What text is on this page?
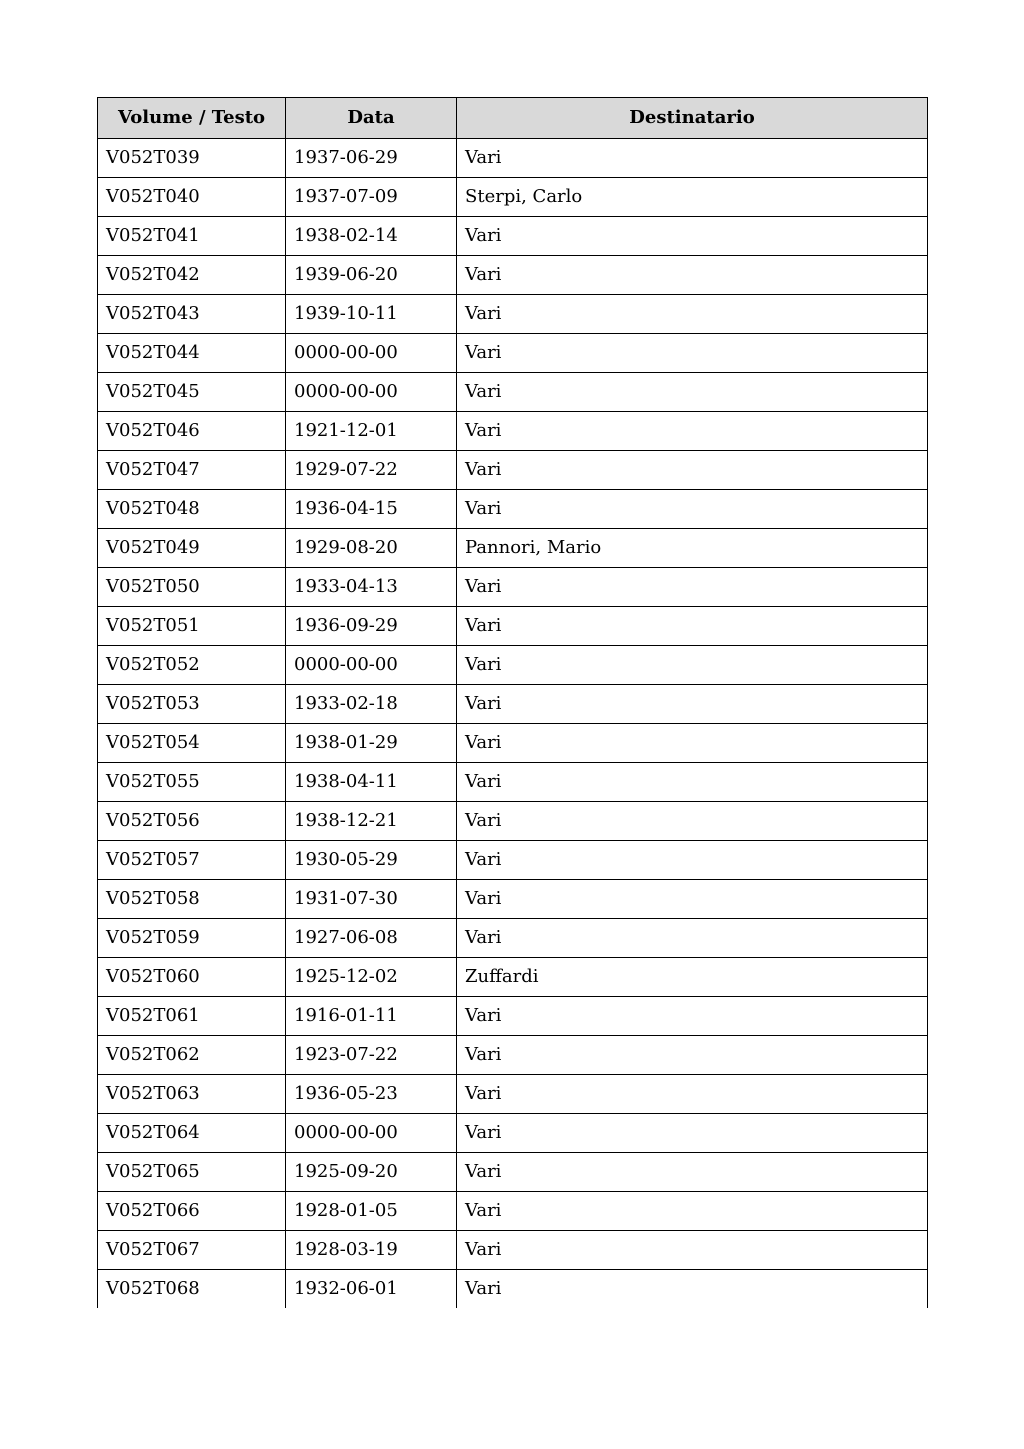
Volume / Testo	Data	Destinatario
V052T039	1937-06-29	Vari
V052T040	1937-07-09	Sterpi, Carlo
V052T041	1938-02-14	Vari
V052T042	1939-06-20	Vari
V052T043	1939-10-11	Vari
V052T044	0000-00-00	Vari
V052T045	0000-00-00	Vari
V052T046	1921-12-01	Vari
V052T047	1929-07-22	Vari
V052T048	1936-04-15	Vari
V052T049	1929-08-20	Pannori, Mario
V052T050	1933-04-13	Vari
V052T051	1936-09-29	Vari
V052T052	0000-00-00	Vari
V052T053	1933-02-18	Vari
V052T054	1938-01-29	Vari
V052T055	1938-04-11	Vari
V052T056	1938-12-21	Vari
V052T057	1930-05-29	Vari
V052T058	1931-07-30	Vari
V052T059	1927-06-08	Vari
V052T060	1925-12-02	Zuffardi
V052T061	1916-01-11	Vari
V052T062	1923-07-22	Vari
V052T063	1936-05-23	Vari
V052T064	0000-00-00	Vari
V052T065	1925-09-20	Vari
V052T066	1928-01-05	Vari
V052T067	1928-03-19	Vari
V052T068	1932-06-01	Vari
